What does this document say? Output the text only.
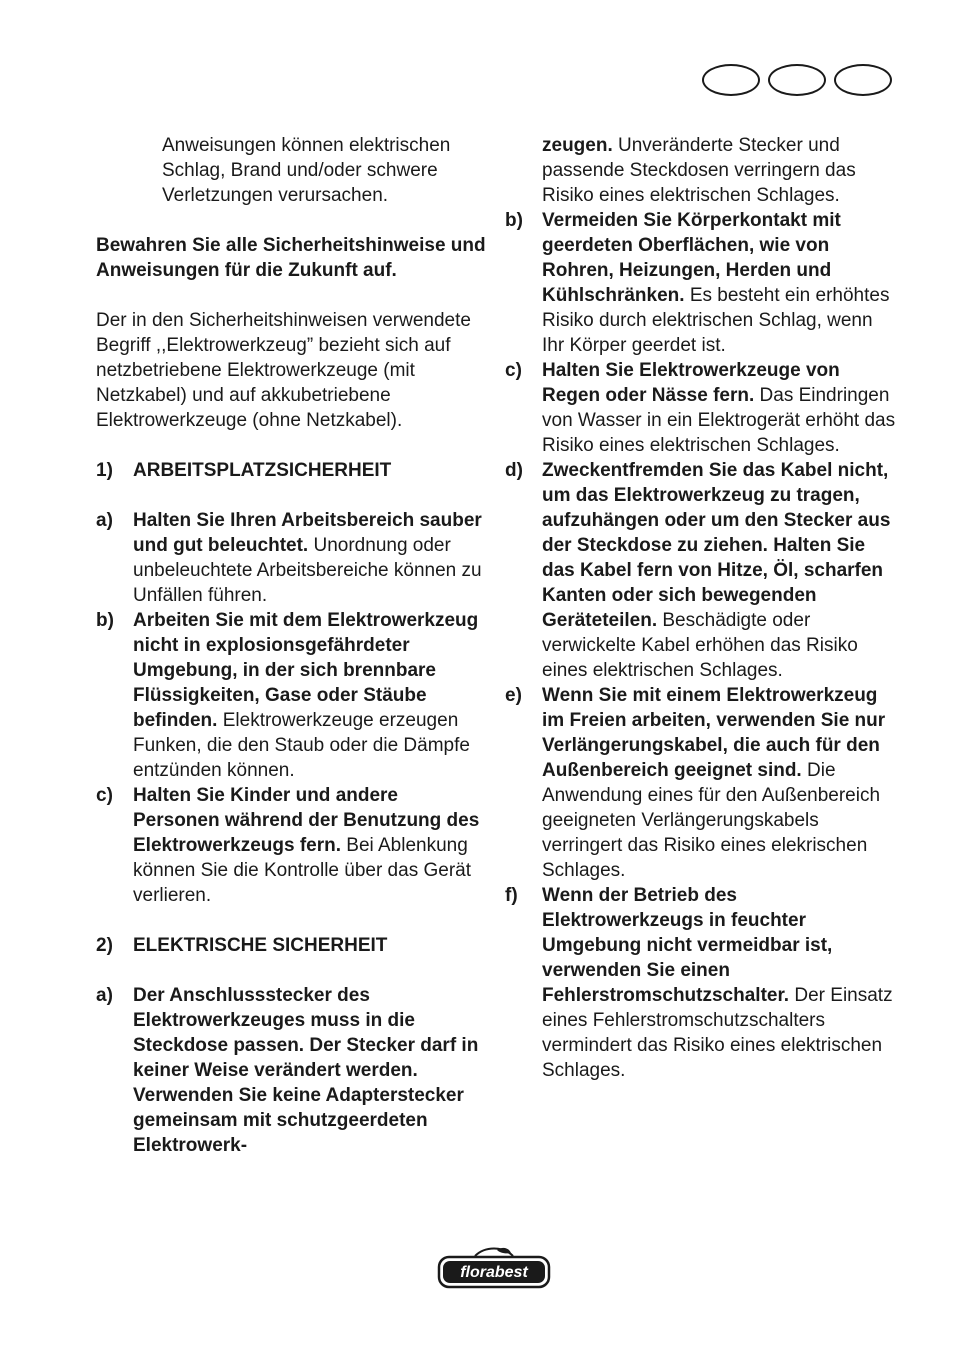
Anweisungen können elektrischen Schlag, Brand und/oder schwere Verletzungen verursachen.

Bewahren Sie alle Sicherheitshinweise und Anweisungen für die Zukunft auf.

Der in den Sicherheitshinweisen verwendete Begriff ,,Elektrowerkzeug” bezieht sich auf netzbetriebene Elektrowerkzeuge (mit Netzkabel) und auf akkubetriebene Elektrowerkzeuge (ohne Netzkabel).

1)	ARBEITSPLATZSICHERHEIT
a)	Halten Sie Ihren Arbeitsbereich sauber und gut beleuchtet. Unordnung oder unbeleuchtete Arbeitsbereiche können zu Unfällen führen.
b)	Arbeiten Sie mit dem Elektrowerkzeug nicht in explosionsgefährdeter Umgebung, in der sich brennbare Flüssigkeiten, Gase oder Stäube befinden. Elektrowerkzeuge erzeugen Funken, die den Staub oder die Dämpfe entzünden können.
c)	Halten Sie Kinder und andere Personen während der Benutzung des Elektrowerkzeugs fern. Bei Ablenkung können Sie die Kontrolle über das Gerät verlieren.
2)	ELEKTRISCHE SICHERHEIT
a)	Der Anschlussstecker des Elektrowerkzeuges muss in die Steckdose passen. Der Stecker darf in keiner Weise verändert werden. Verwenden Sie keine Adapterstecker gemeinsam mit schutzgeerdeten Elektrowerk-
zeugen. Unveränderte Stecker und passende Steckdosen verringern das Risiko eines elektrischen Schlages.
b)	Vermeiden Sie Körperkontakt mit geerdeten Oberflächen, wie von Rohren, Heizungen, Herden und Kühlschränken. Es besteht ein erhöhtes Risiko durch elektrischen Schlag, wenn Ihr Körper geerdet ist.
c)	Halten Sie Elektrowerkzeuge von Regen oder Nässe fern. Das Eindringen von Wasser in ein Elektrogerät erhöht das Risiko eines elektrischen Schlages.
d)	Zweckentfremden Sie das Kabel nicht, um das Elektrowerkzeug zu tragen, aufzuhängen oder um den Stecker aus der Steckdose zu ziehen. Halten Sie das Kabel fern von Hitze, Öl, scharfen Kanten oder sich bewegenden Geräteteilen. Beschädigte oder verwickelte Kabel erhöhen das Risiko eines elektrischen Schlages.
e)	Wenn Sie mit einem Elektrowerkzeug im Freien arbeiten, verwenden Sie nur Verlängerungskabel, die auch für den Außenbereich geeignet sind. Die Anwendung eines für den Außenbereich geeigneten Verlängerungskabels verringert das Risiko eines elekrischen Schlages.
f)	Wenn der Betrieb des Elektrowerkzeugs in feuchter Umgebung nicht vermeidbar ist, verwenden Sie einen Fehlerstromschutzschalter. Der Einsatz eines Fehlerstromschutzschalters vermindert das Risiko eines elektrischen Schlages.
florabest
